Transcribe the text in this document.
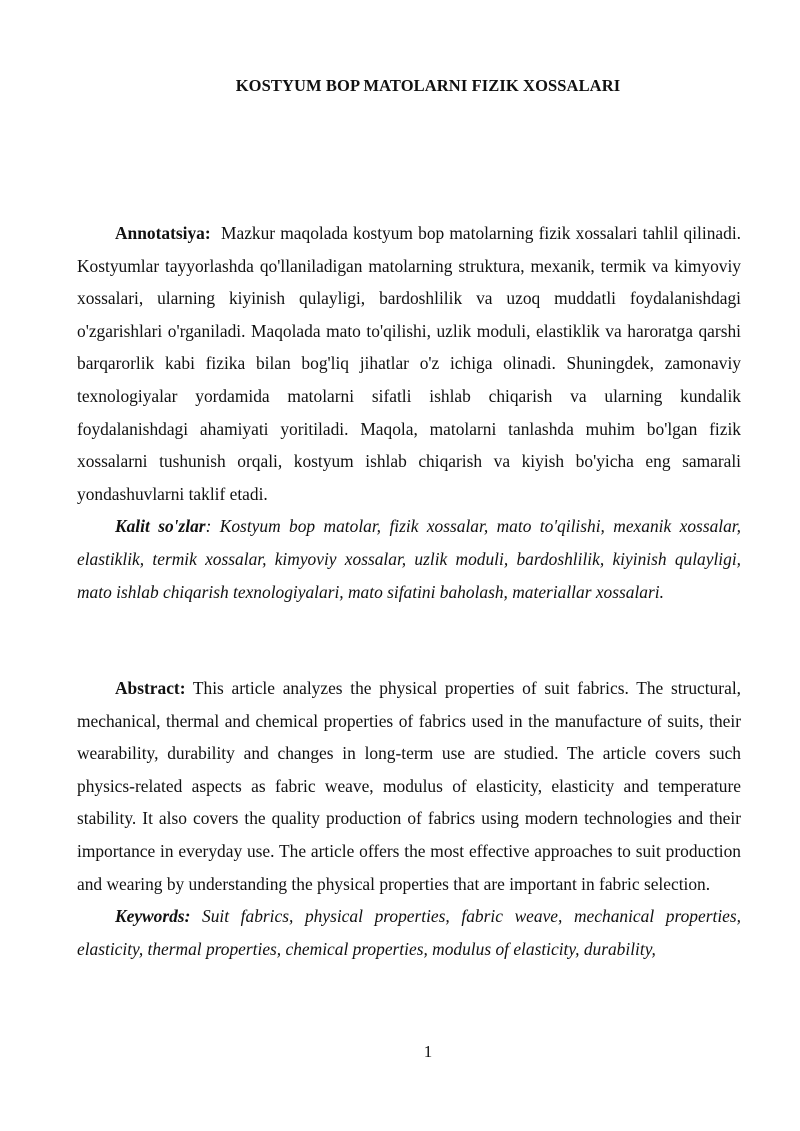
KOSTYUM BOP MATOLARNI FIZIK XOSSALARI

Annotatsiya:  Mazkur maqolada kostyum bop matolarning fizik xossalari tahlil qilinadi. Kostyumlar tayyorlashda qo'llaniladigan matolarning struktura, mexanik, termik va kimyoviy xossalari, ularning kiyinish qulayligi, bardoshlilik va uzoq muddatli foydalanishdagi o'zgarishlari o'rganiladi. Maqolada mato to'qilishi, uzlik moduli, elastiklik va haroratga qarshi barqarorlik kabi fizika bilan bog'liq jihatlar o'z ichiga olinadi. Shuningdek, zamonaviy texnologiyalar yordamida matolarni sifatli ishlab chiqarish va ularning kundalik foydalanishdagi ahamiyati yoritiladi. Maqola, matolarni tanlashda muhim bo'lgan fizik xossalarni tushunish orqali, kostyum ishlab chiqarish va kiyish bo'yicha eng samarali yondashuvlarni taklif etadi.

Kalit so'zlar: Kostyum bop matolar, fizik xossalar, mato to'qilishi, mexanik xossalar, elastiklik, termik xossalar, kimyoviy xossalar, uzlik moduli, bardoshlilik, kiyinish qulayligi, mato ishlab chiqarish texnologiyalari, mato sifatini baholash, materiallar xossalari.

Abstract: This article analyzes the physical properties of suit fabrics. The structural, mechanical, thermal and chemical properties of fabrics used in the manufacture of suits, their wearability, durability and changes in long-term use are studied. The article covers such physics-related aspects as fabric weave, modulus of elasticity, elasticity and temperature stability. It also covers the quality production of fabrics using modern technologies and their importance in everyday use. The article offers the most effective approaches to suit production and wearing by understanding the physical properties that are important in fabric selection.

Keywords: Suit fabrics, physical properties, fabric weave, mechanical properties, elasticity, thermal properties, chemical properties, modulus of elasticity, durability,

1
